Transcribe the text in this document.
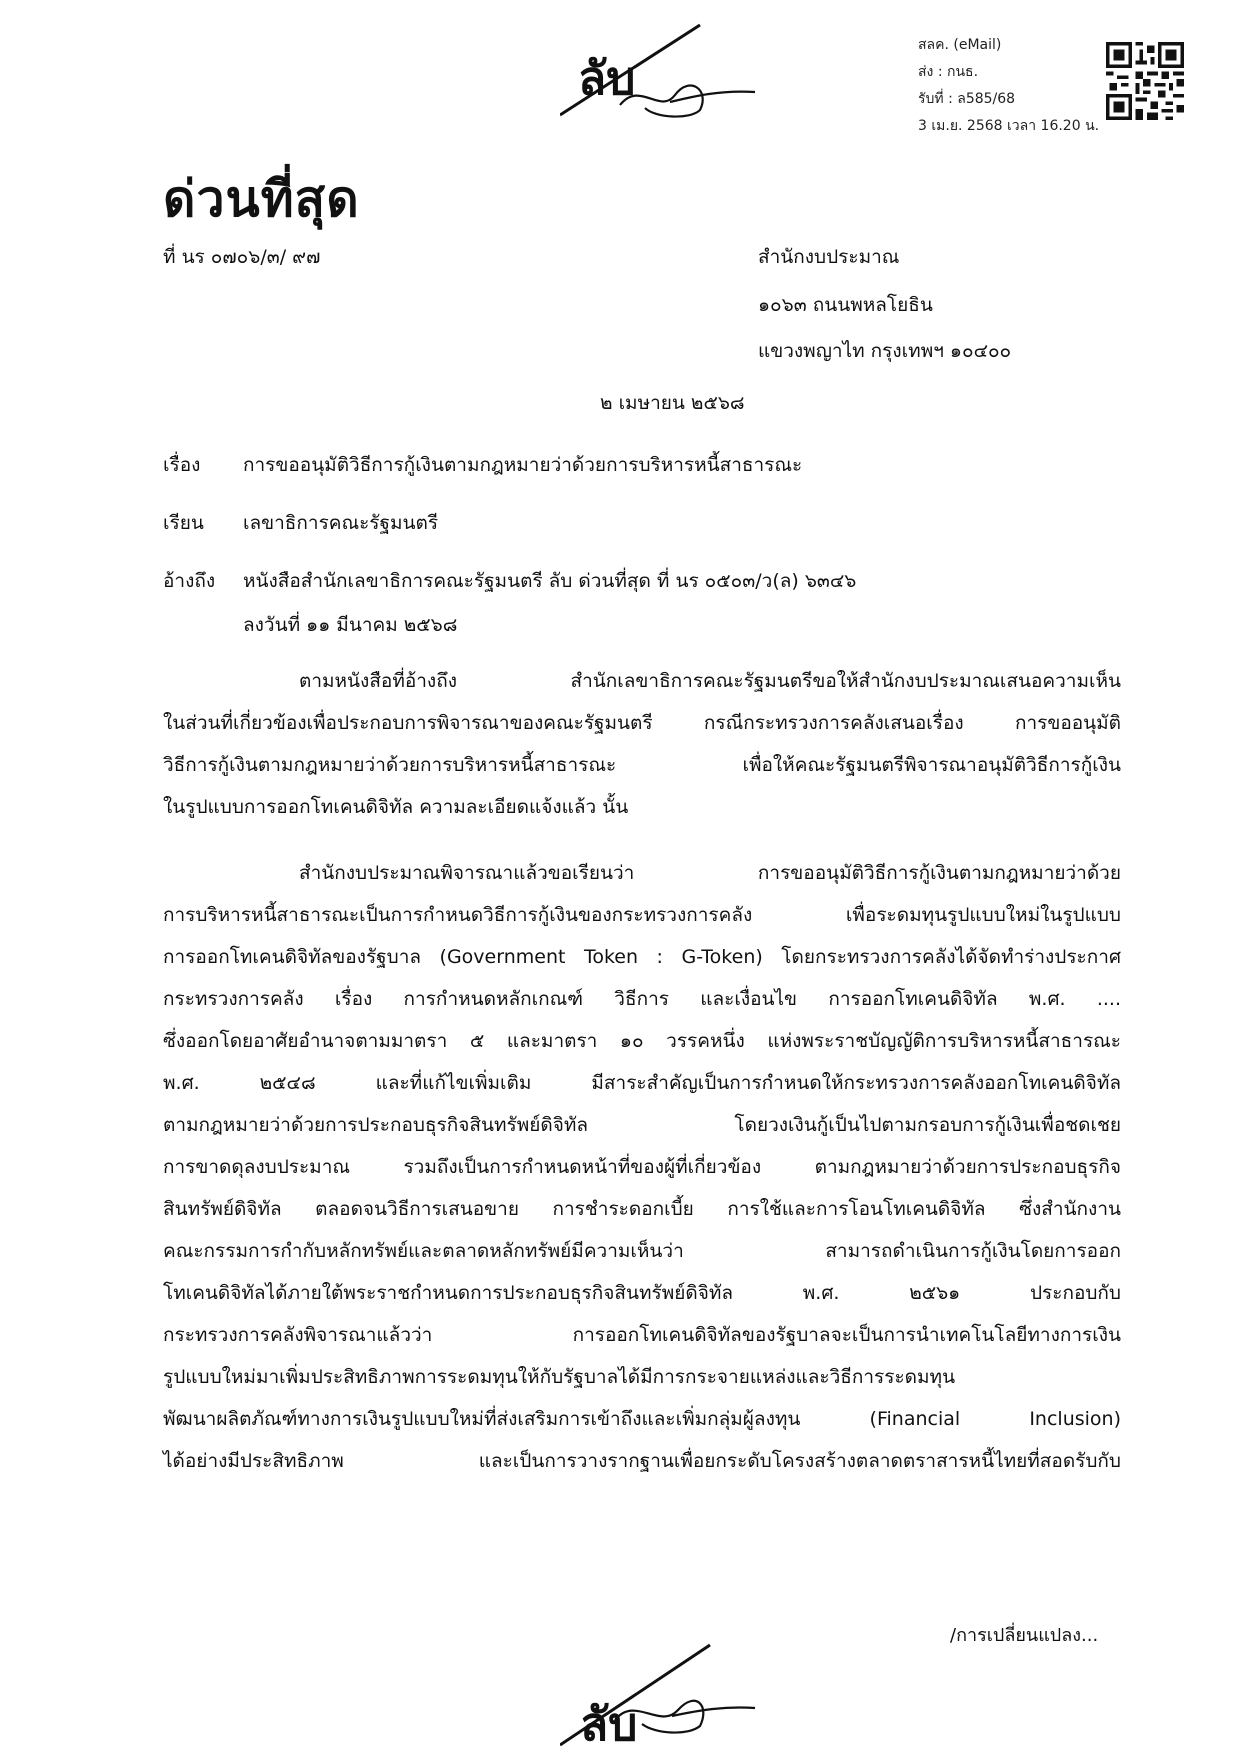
ลับ
สลค. (eMail)
ส่ง : กนธ.
รับที่ : ล585/68
3 เม.ย. 2568 เวลา 16.20 น.
ด่วนที่สุด
ที่ นร ๐๗๐๖/๓/ ๙๗	สำนักงบประมาณ
๑๐๖๓ ถนนพหลโยธิน
แขวงพญาไท กรุงเทพฯ ๑๐๔๐๐
๒ เมษายน ๒๕๖๘
เรื่อง การขออนุมัติวิธีการกู้เงินตามกฎหมายว่าด้วยการบริหารหนี้สาธารณะ
เรียน เลขาธิการคณะรัฐมนตรี
อ้างถึง หนังสือสำนักเลขาธิการคณะรัฐมนตรี ลับ ด่วนที่สุด ที่ นร ๐๕๐๓/ว(ล) ๖๓๔๖
ลงวันที่ ๑๑ มีนาคม ๒๕๖๘

ตามหนังสือที่อ้างถึง สำนักเลขาธิการคณะรัฐมนตรีขอให้สำนักงบประมาณเสนอความเห็น

ในส่วนที่เกี่ยวข้องเพื่อประกอบการพิจารณาของคณะรัฐมนตรี กรณีกระทรวงการคลังเสนอเรื่อง การขออนุมัติ

วิธีการกู้เงินตามกฎหมายว่าด้วยการบริหารหนี้สาธารณะ เพื่อให้คณะรัฐมนตรีพิจารณาอนุมัติวิธีการกู้เงิน

ในรูปแบบการออกโทเคนดิจิทัล ความละเอียดแจ้งแล้ว นั้น

สำนักงบประมาณพิจารณาแล้วขอเรียนว่า การขออนุมัติวิธีการกู้เงินตามกฎหมายว่าด้วย

การบริหารหนี้สาธารณะเป็นการกำหนดวิธีการกู้เงินของกระทรวงการคลัง เพื่อระดมทุนรูปแบบใหม่ในรูปแบบ

การออกโทเคนดิจิทัลของรัฐบาล (Government Token : G-Token) โดยกระทรวงการคลังได้จัดทำร่างประกาศ

กระทรวงการคลัง เรื่อง การกำหนดหลักเกณฑ์ วิธีการ และเงื่อนไข การออกโทเคนดิจิทัล พ.ศ. ....

ซึ่งออกโดยอาศัยอำนาจตามมาตรา ๕ และมาตรา ๑๐ วรรคหนึ่ง แห่งพระราชบัญญัติการบริหารหนี้สาธารณะ

พ.ศ. ๒๕๔๘ และที่แก้ไขเพิ่มเติม มีสาระสำคัญเป็นการกำหนดให้กระทรวงการคลังออกโทเคนดิจิทัล

ตามกฎหมายว่าด้วยการประกอบธุรกิจสินทรัพย์ดิจิทัล โดยวงเงินกู้เป็นไปตามกรอบการกู้เงินเพื่อชดเชย

การขาดดุลงบประมาณ รวมถึงเป็นการกำหนดหน้าที่ของผู้ที่เกี่ยวข้อง ตามกฎหมายว่าด้วยการประกอบธุรกิจ

สินทรัพย์ดิจิทัล ตลอดจนวิธีการเสนอขาย การชำระดอกเบี้ย การใช้และการโอนโทเคนดิจิทัล ซึ่งสำนักงาน

คณะกรรมการกำกับหลักทรัพย์และตลาดหลักทรัพย์มีความเห็นว่า สามารถดำเนินการกู้เงินโดยการออก

โทเคนดิจิทัลได้ภายใต้พระราชกำหนดการประกอบธุรกิจสินทรัพย์ดิจิทัล พ.ศ. ๒๕๖๑ ประกอบกับ

กระทรวงการคลังพิจารณาแล้วว่า การออกโทเคนดิจิทัลของรัฐบาลจะเป็นการนำเทคโนโลยีทางการเงิน

รูปแบบใหม่มาเพิ่มประสิทธิภาพการระดมทุนให้กับรัฐบาลได้มีการกระจายแหล่งและวิธีการระดมทุน

พัฒนาผลิตภัณฑ์ทางการเงินรูปแบบใหม่ที่ส่งเสริมการเข้าถึงและเพิ่มกลุ่มผู้ลงทุน (Financial Inclusion)

ได้อย่างมีประสิทธิภาพ และเป็นการวางรากฐานเพื่อยกระดับโครงสร้างตลาดตราสารหนี้ไทยที่สอดรับกับ

/การเปลี่ยนแปลง...
ลับ
